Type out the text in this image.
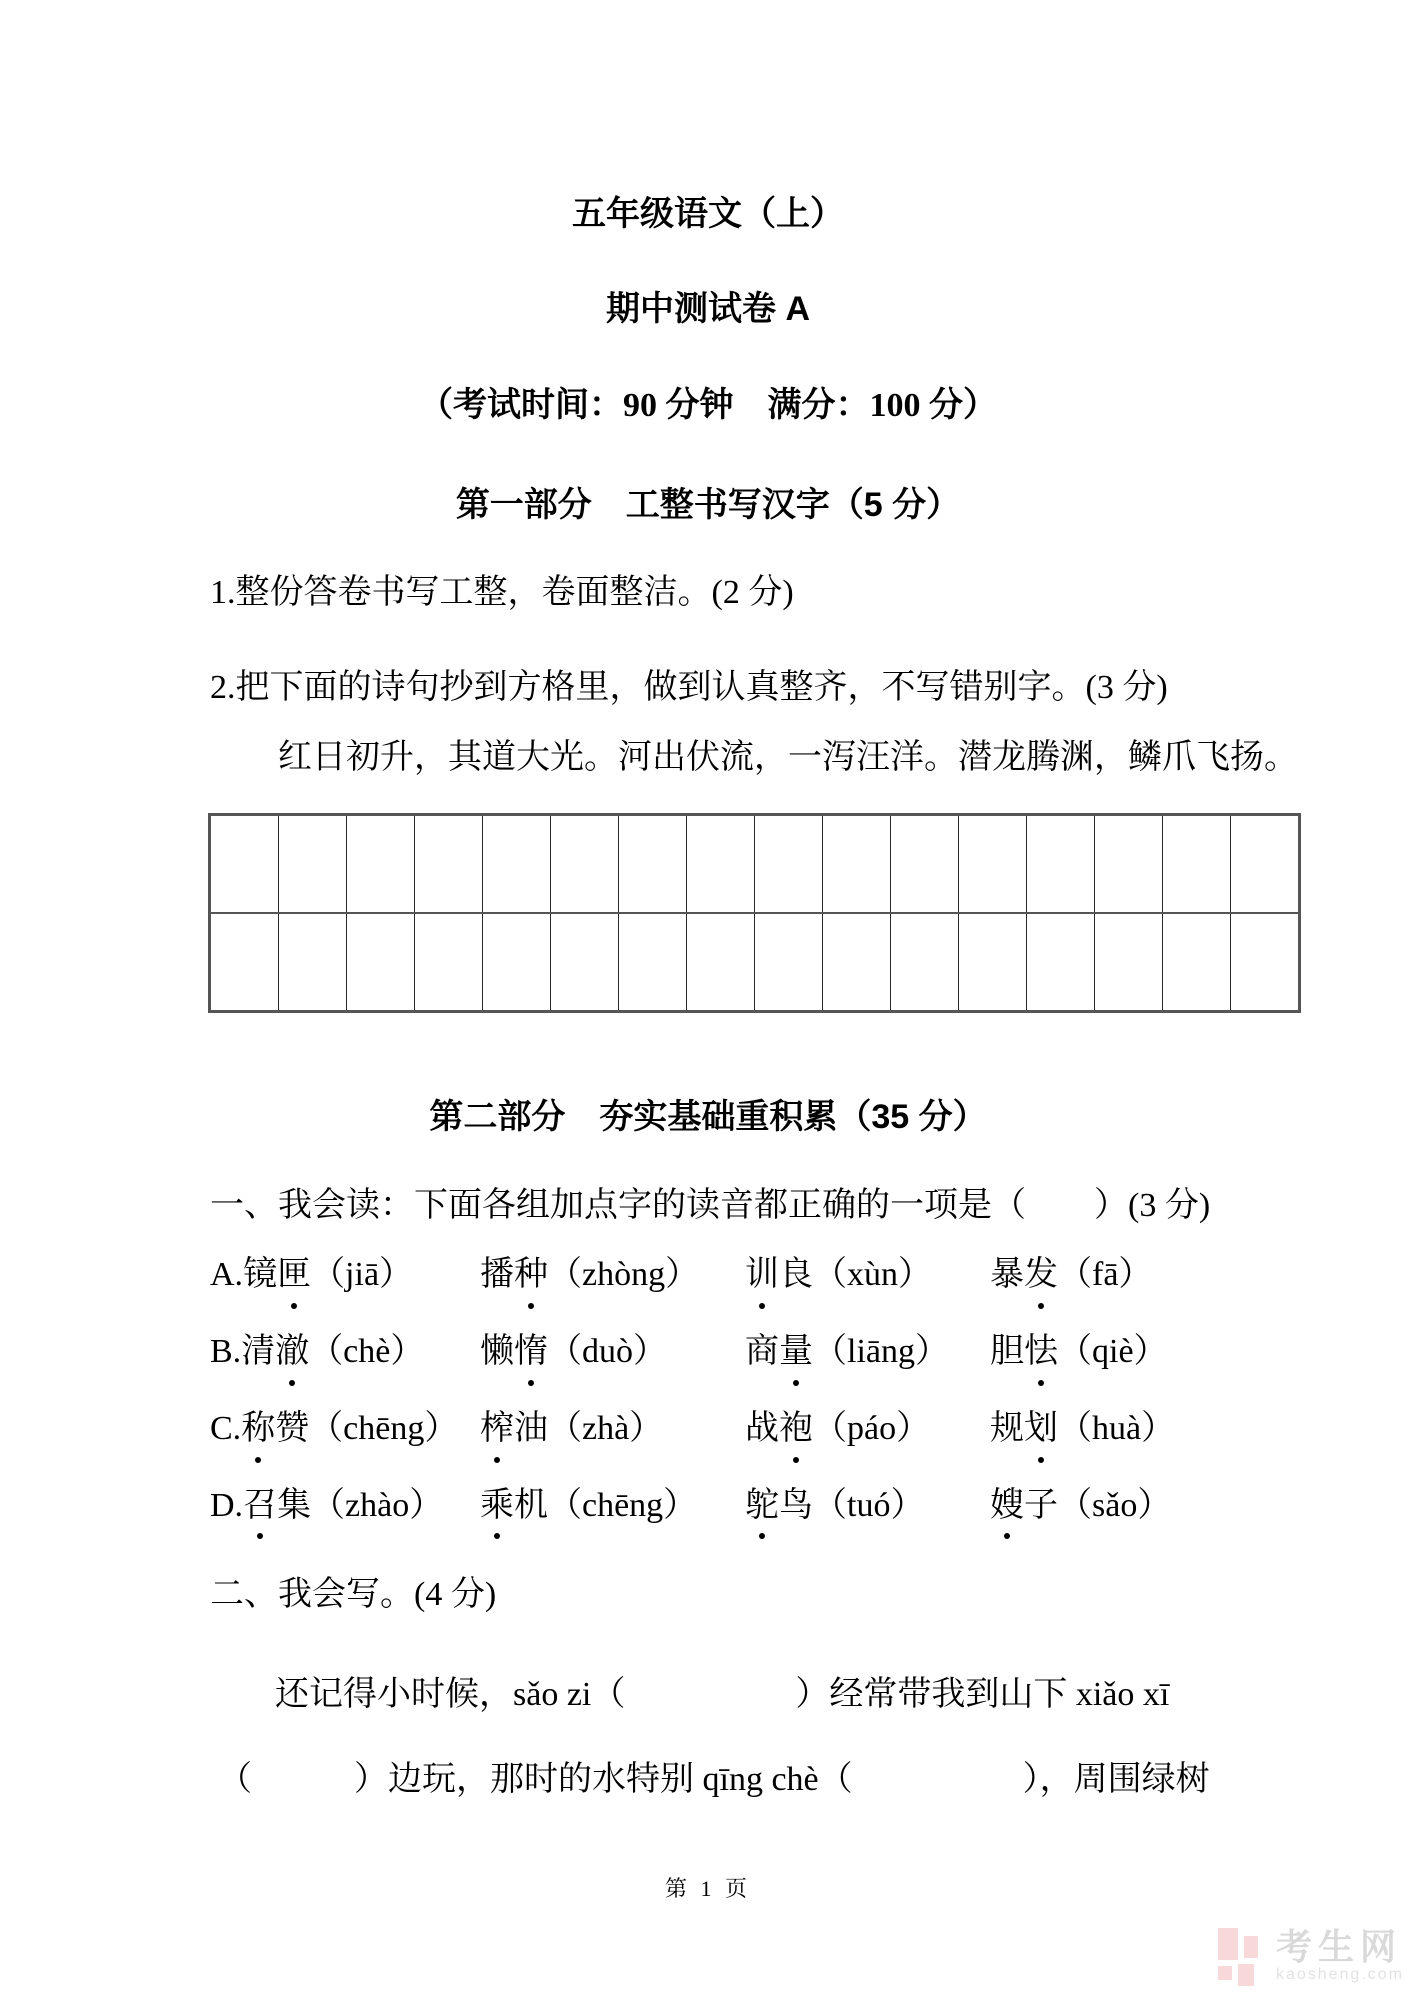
五年级语文（上）
期中测试卷 A
（考试时间：90 分钟　满分：100 分）
第一部分　工整书写汉字（5 分）
1.整份答卷书写工整，卷面整洁。(2 分)
2.把下面的诗句抄到方格里，做到认真整齐，不写错别字。(3 分)
红日初升，其道大光。河出伏流，一泻汪洋。潜龙腾渊，鳞爪飞扬。

第二部分　夯实基础重积累（35 分）
一、我会读：下面各组加点字的读音都正确的一项是（　　）(3 分)
A.镜匣（jiā）	播种（zhòng）	训良（xùn）	暴发（fā）
B.清澈（chè）	懒惰（duò）	商量（liāng）	胆怯（qiè）
C.称赞（chēng） 榨油（zhà）	战袍（páo）	规划（huà）
D.召集（zhào）	乘机（chēng）	鸵鸟（tuó）	嫂子（sǎo）
二、我会写。(4 分)
还记得小时候，sǎo zi（　　　　　）经常带我到山下 xiǎo xī
（　　　）边玩，那时的水特别 qīng chè（　　　　　），周围绿树
第 1 页
考生网
kaosheng.com
